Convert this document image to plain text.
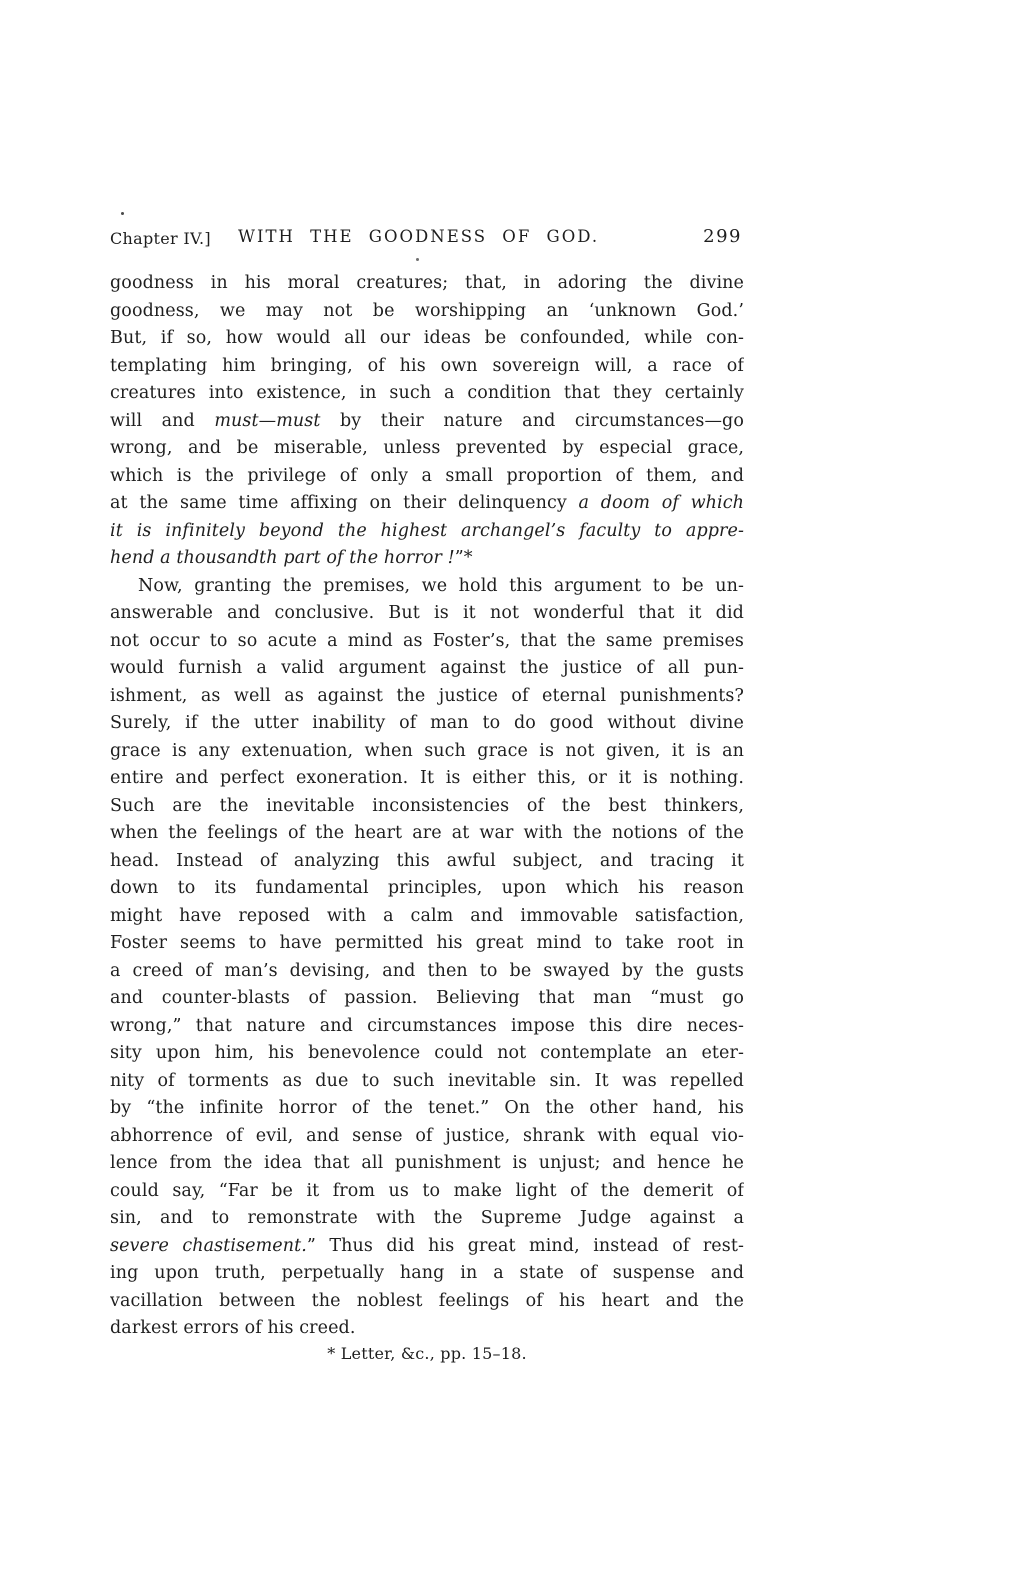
Chapter IV.] WITH THE GOODNESS OF GOD.	299
goodness in his moral creatures; that, in adoring the divine
goodness, we may not be worshipping an ‘unknown God.’
But, if so, how would all our ideas be confounded, while con-
templating him bringing, of his own sovereign will, a race of
creatures into existence, in such a condition that they certainly
will and must—must by their nature and circumstances—go
wrong, and be miserable, unless prevented by especial grace,
which is the privilege of only a small proportion of them, and
at the same time affixing on their delinquency a doom of which
it is infinitely beyond the highest archangel’s faculty to appre-
hend a thousandth part of the horror !”*
Now, granting the premises, we hold this argument to be un-
answerable and conclusive. But is it not wonderful that it did
not occur to so acute a mind as Foster’s, that the same premises
would furnish a valid argument against the justice of all pun-
ishment, as well as against the justice of eternal punishments?
Surely, if the utter inability of man to do good without divine
grace is any extenuation, when such grace is not given, it is an
entire and perfect exoneration. It is either this, or it is nothing.
Such are the inevitable inconsistencies of the best thinkers,
when the feelings of the heart are at war with the notions of the
head. Instead of analyzing this awful subject, and tracing it
down to its fundamental principles, upon which his reason
might have reposed with a calm and immovable satisfaction,
Foster seems to have permitted his great mind to take root in
a creed of man’s devising, and then to be swayed by the gusts
and counter-blasts of passion. Believing that man “must go
wrong,” that nature and circumstances impose this dire neces-
sity upon him, his benevolence could not contemplate an eter-
nity of torments as due to such inevitable sin. It was repelled
by “the infinite horror of the tenet.” On the other hand, his
abhorrence of evil, and sense of justice, shrank with equal vio-
lence from the idea that all punishment is unjust; and hence he
could say, “Far be it from us to make light of the demerit of
sin, and to remonstrate with the Supreme Judge against a
severe chastisement.” Thus did his great mind, instead of rest-
ing upon truth, perpetually hang in a state of suspense and
vacillation between the noblest feelings of his heart and the
darkest errors of his creed.
* Letter, &c., pp. 15–18.
